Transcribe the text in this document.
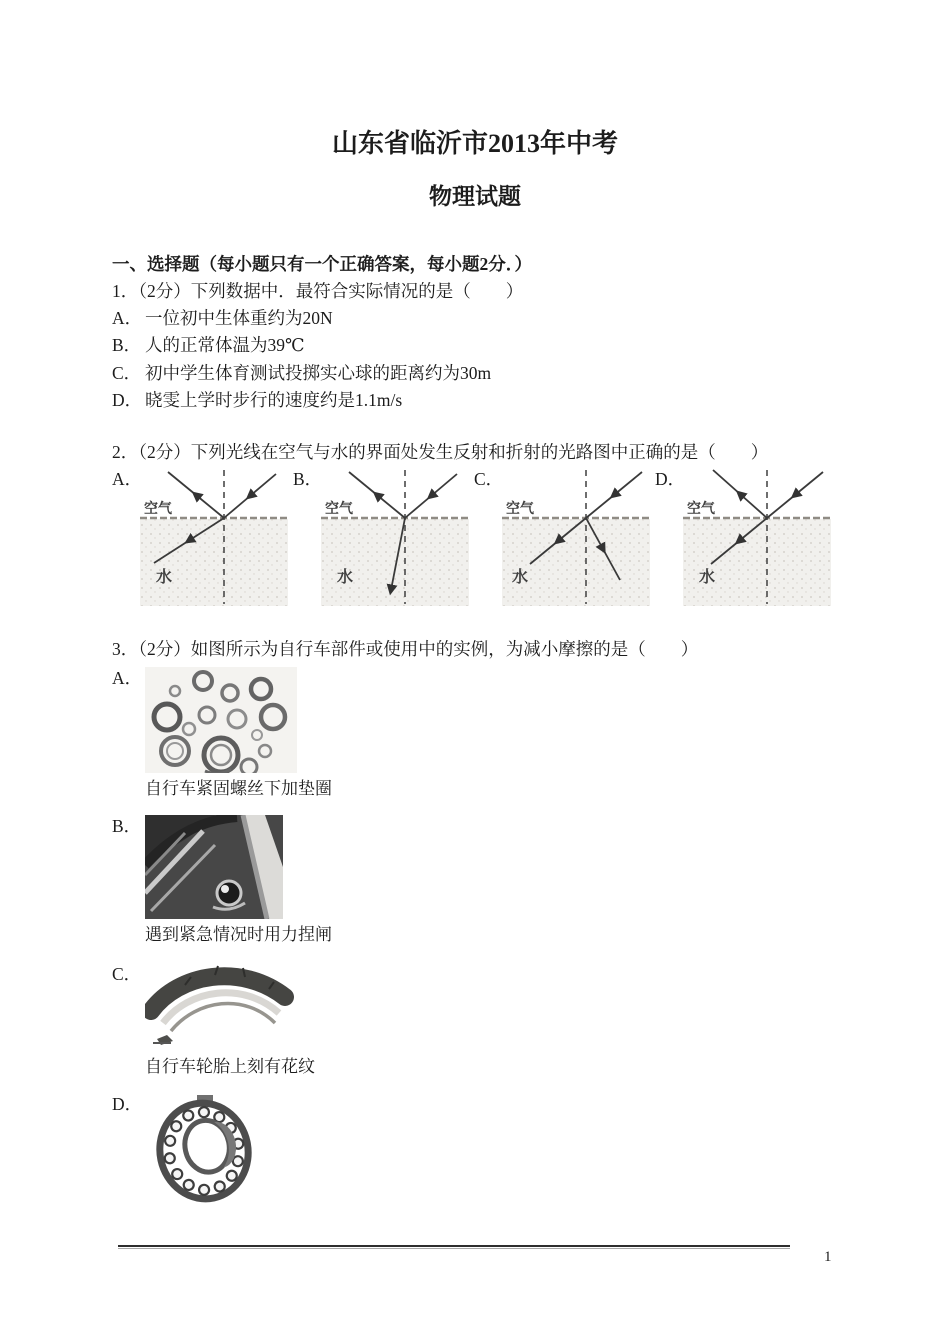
山东省临沂市2013年中考
物理试题
一、选择题（每小题只有一个正确答案，每小题2分．）
1．（2分）下列数据中．最符合实际情况的是（　　）
A． 一位初中生体重约为20N
B． 人的正常体温为39℃
C． 初中学生体育测试投掷实心球的距离约为30m
D． 晓雯上学时步行的速度约是1.1m/s
2．（2分）下列光线在空气与水的界面处发生反射和折射的光路图中正确的是（　　）
A．
空气
水
B．
空气
水
C．
空气
水
D．
空气
水
3．（2分）如图所示为自行车部件或使用中的实例，为减小摩擦的是（　　）
A．
自行车紧固螺丝下加垫圈
B．
遇到紧急情况时用力捏闸
C．
自行车轮胎上刻有花纹
D．
1
